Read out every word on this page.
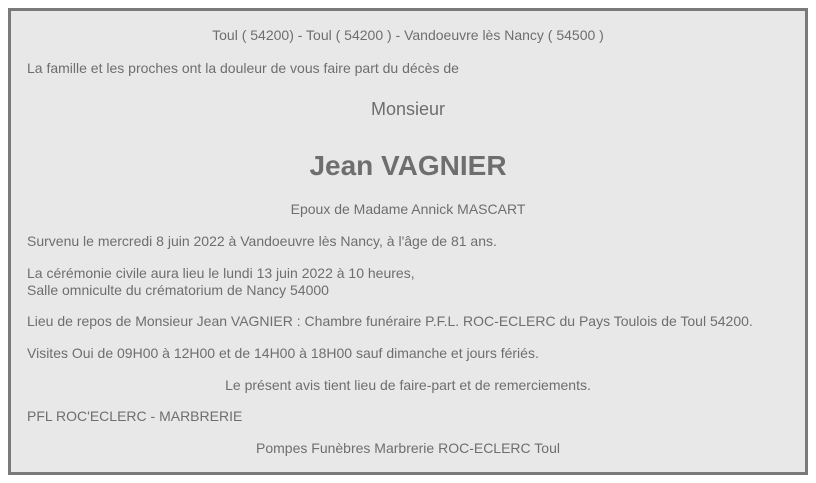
Toul ( 54200) - Toul ( 54200 ) - Vandoeuvre lès Nancy ( 54500 )
La famille et les proches ont la douleur de vous faire part du décès de
Monsieur
Jean VAGNIER
Epoux de Madame Annick MASCART
Survenu le mercredi 8 juin 2022 à Vandoeuvre lès Nancy, à l'âge de 81 ans.
La cérémonie civile aura lieu le lundi 13 juin 2022 à 10 heures,
Salle omniculte du crématorium de Nancy 54000
Lieu de repos de Monsieur Jean VAGNIER : Chambre funéraire P.F.L. ROC-ECLERC du Pays Toulois de Toul 54200.
Visites Oui de 09H00 à 12H00 et de 14H00 à 18H00 sauf dimanche et jours fériés.
Le présent avis tient lieu de faire-part et de remerciements.
PFL ROC'ECLERC - MARBRERIE
Pompes Funèbres Marbrerie ROC-ECLERC Toul
